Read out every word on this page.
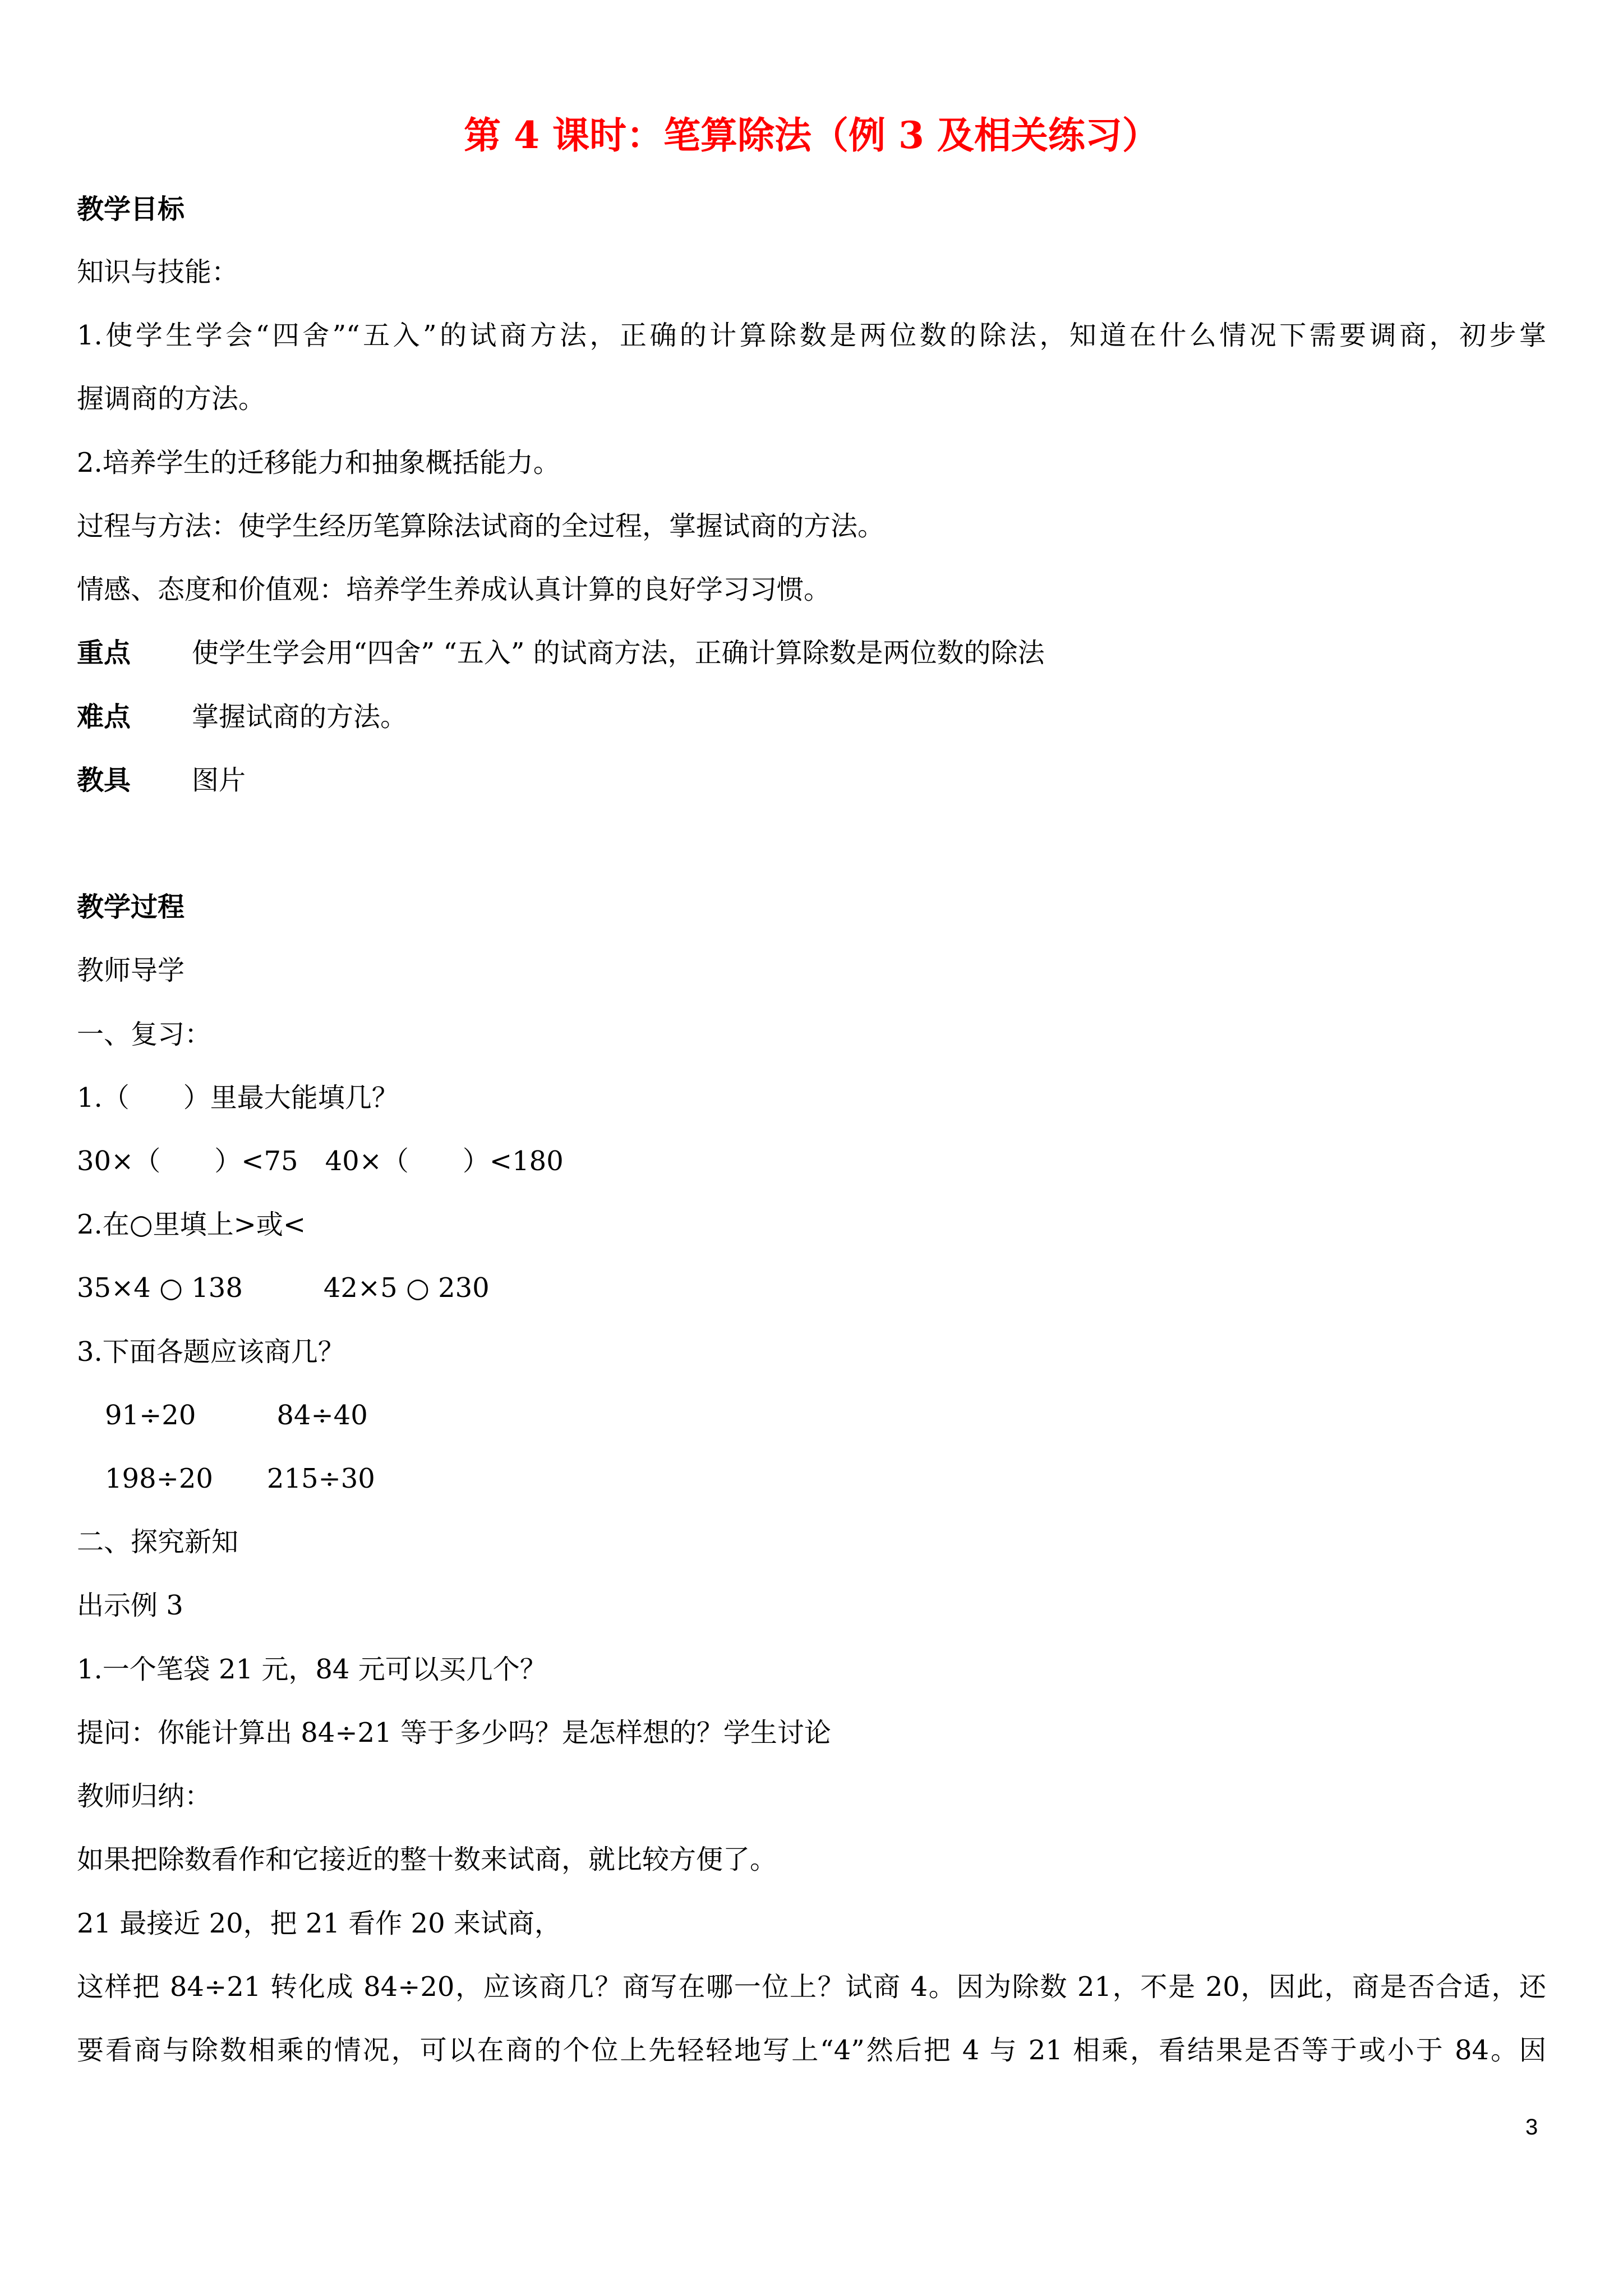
第 4 课时：笔算除法（例 3 及相关练习）
教学目标
知识与技能：
1.使学生学会“四舍”“五入”的试商方法，正确的计算除数是两位数的除法，知道在什么情况下需要调商，初步掌
握调商的方法。
2.培养学生的迁移能力和抽象概括能力。
过程与方法：使学生经历笔算除法试商的全过程，掌握试商的方法。
情感、态度和价值观：培养学生养成认真计算的良好学习习惯。
重点 使学生学会用“四舍” “五入” 的试商方法，正确计算除数是两位数的除法
难点 掌握试商的方法。
教具 图片
教学过程
教师导学
一、复习：
1.（　　）里最大能填几？
30×（　　）<75　40×（　　）<180
2.在○里填上>或<
35×4 ○ 138　　　42×5 ○ 230
3.下面各题应该商几？
91÷20　　　84÷40
198÷20　　215÷30
二、探究新知
出示例 3
1.一个笔袋 21 元，84 元可以买几个？
提问：你能计算出 84÷21 等于多少吗？是怎样想的？学生讨论
教师归纳：
如果把除数看作和它接近的整十数来试商，就比较方便了。
21 最接近 20，把 21 看作 20 来试商，
这样把 84÷21 转化成 84÷20，应该商几？商写在哪一位上？试商 4。因为除数 21，不是 20，因此，商是否合适，还
要看商与除数相乘的情况，可以在商的个位上先轻轻地写上“4”然后把 4 与 21 相乘，看结果是否等于或小于 84。因
3
